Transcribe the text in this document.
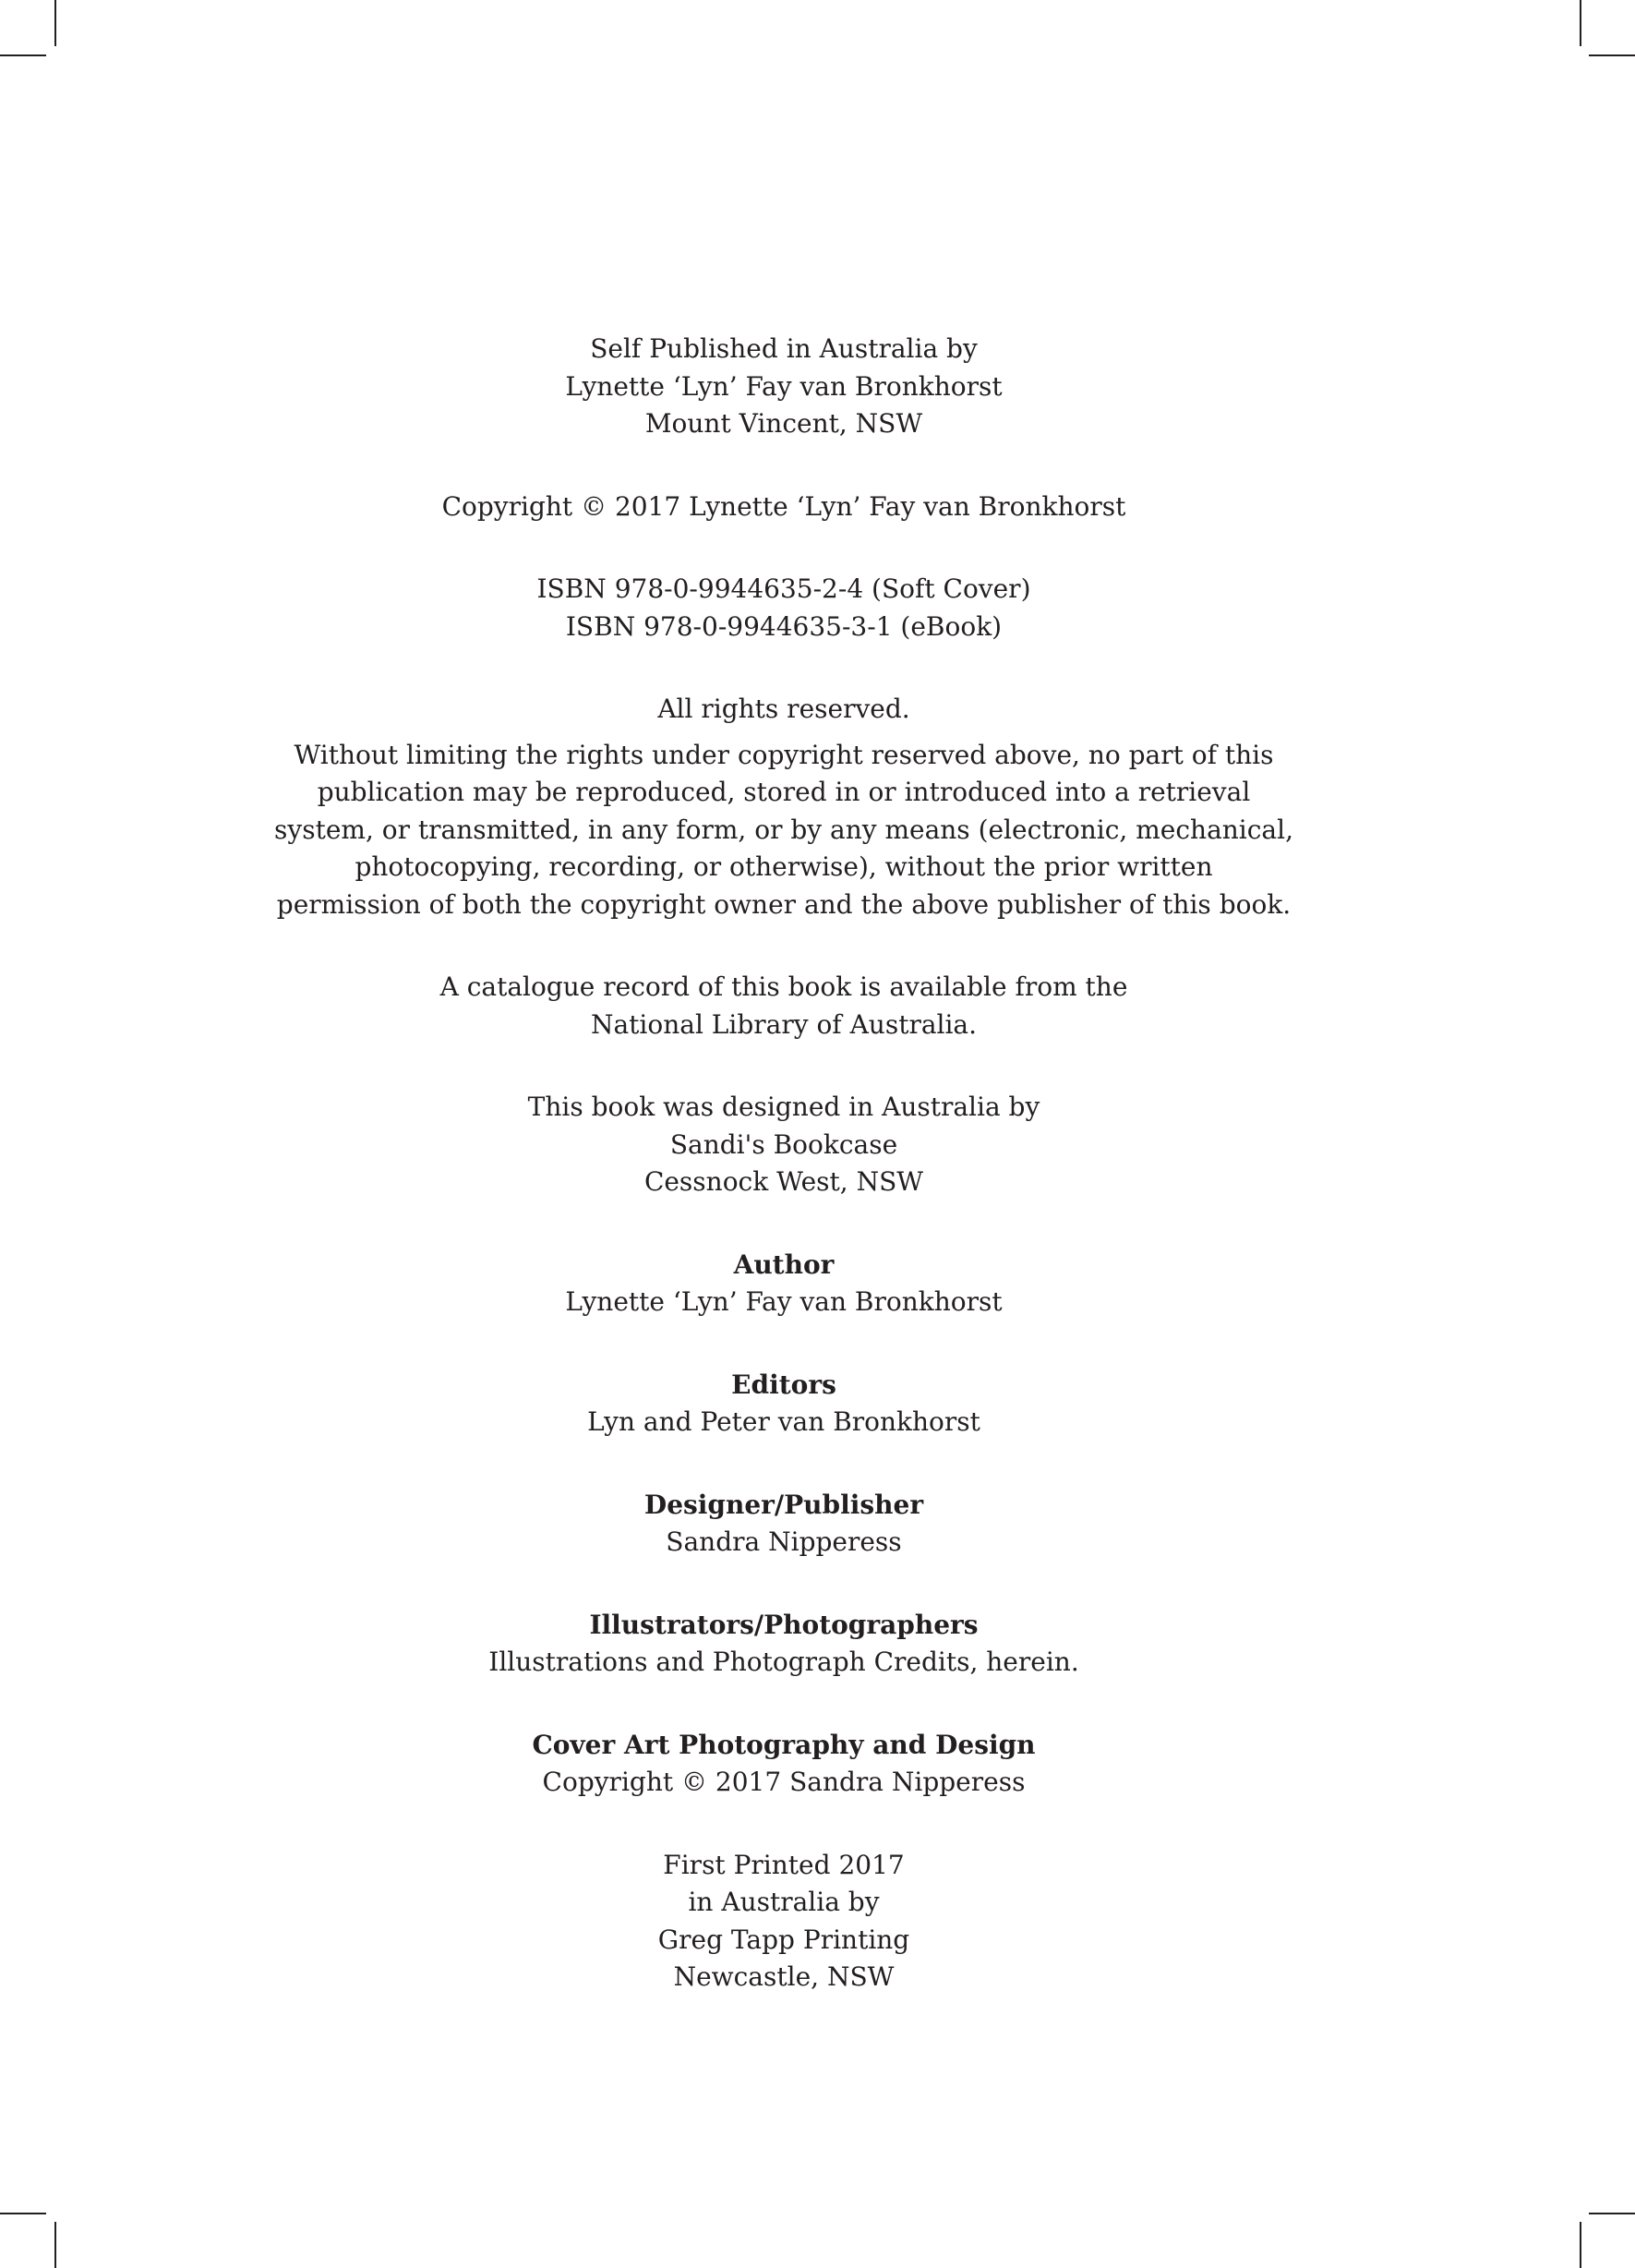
Self Published in Australia by
Lynette ‘Lyn’ Fay van Bronkhorst
Mount Vincent, NSW
Copyright © 2017 Lynette ‘Lyn’ Fay van Bronkhorst
ISBN 978-0-9944635-2-4 (Soft Cover)
ISBN 978-0-9944635-3-1 (eBook)
All rights reserved.
Without limiting the rights under copyright reserved above, no part of this
publication may be reproduced, stored in or introduced into a retrieval
system, or transmitted, in any form, or by any means (electronic, mechanical,
photocopying, recording, or otherwise), without the prior written
permission of both the copyright owner and the above publisher of this book.
A catalogue record of this book is available from the
National Library of Australia.
This book was designed in Australia by
Sandi's Bookcase
Cessnock West, NSW
Author
Lynette ‘Lyn’ Fay van Bronkhorst
Editors
Lyn and Peter van Bronkhorst
Designer/Publisher
Sandra Nipperess
Illustrators/Photographers
Illustrations and Photograph Credits, herein.
Cover Art Photography and Design
Copyright © 2017 Sandra Nipperess
First Printed 2017
in Australia by
Greg Tapp Printing
Newcastle, NSW
